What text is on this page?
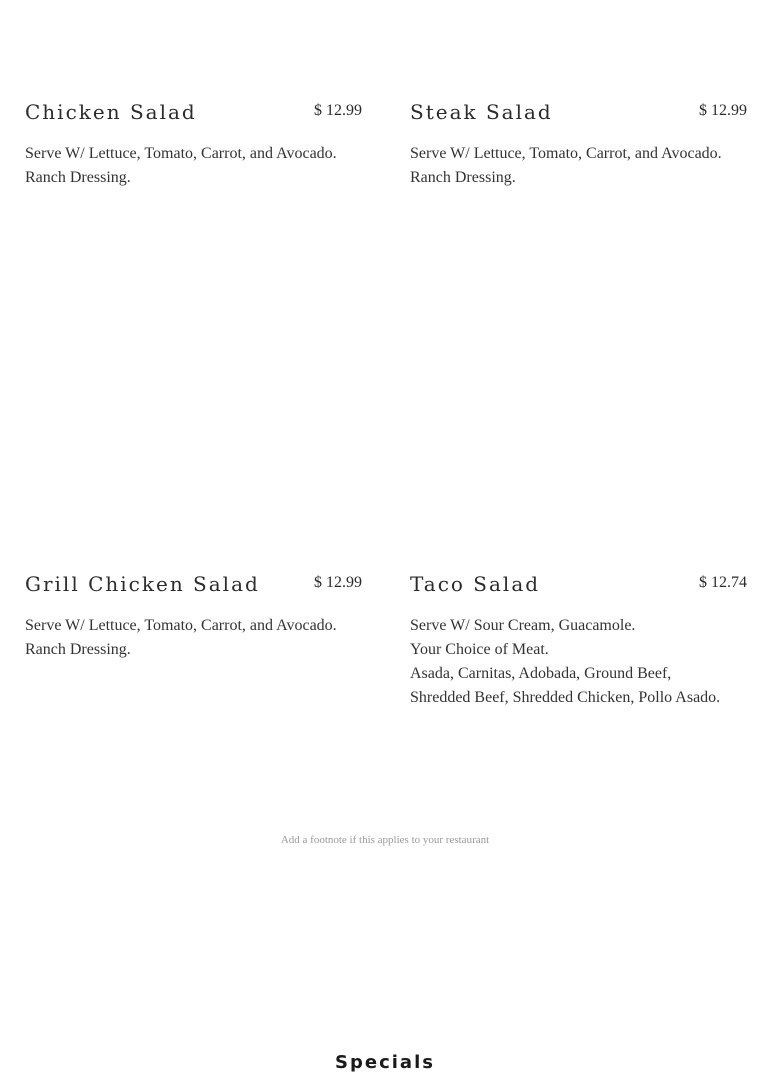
Chicken Salad	$ 12.99
Serve W/ Lettuce, Tomato, Carrot, and Avocado.
Ranch Dressing.
Steak Salad	$ 12.99
Serve W/ Lettuce, Tomato, Carrot, and Avocado.
Ranch Dressing.
Grill Chicken Salad	$ 12.99
Serve W/ Lettuce, Tomato, Carrot, and Avocado.
Ranch Dressing.
Taco Salad	$ 12.74
Serve W/ Sour Cream, Guacamole.
Your Choice of Meat.
Asada, Carnitas, Adobada, Ground Beef,
Shredded Beef, Shredded Chicken, Pollo Asado.
Add a footnote if this applies to your restaurant
Specials
